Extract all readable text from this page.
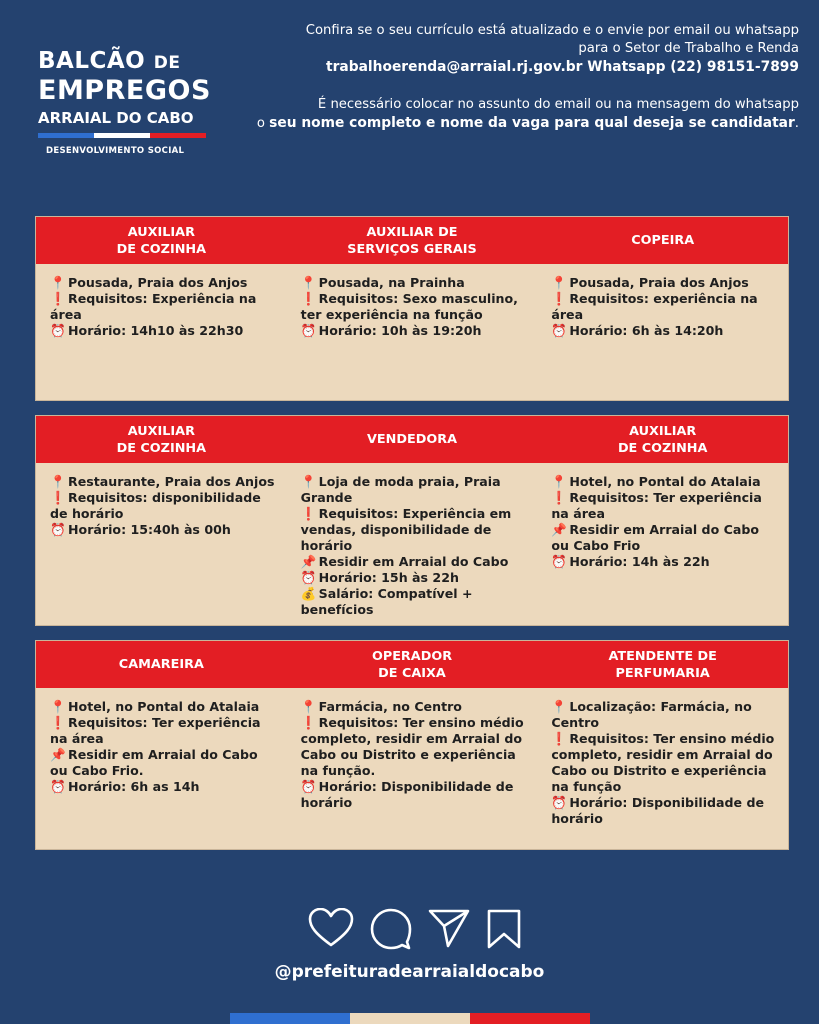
BALCÃO DE
EMPREGOS
ARRAIAL DO CABO
DESENVOLVIMENTO SOCIAL

Confira se o seu currículo está atualizado e o envie por email ou whatsapp

para o Setor de Trabalho e Renda

trabalhoerenda@arraial.rj.gov.br Whatsapp (22) 98151-7899

É necessário colocar no assunto do email ou na mensagem do whatsapp

o seu nome completo e nome da vaga para qual deseja se candidatar.

AUXILIAR
DE COZINHA
AUXILIAR DE
SERVIÇOS GERAIS
COPEIRA
📍 Pousada, Praia dos Anjos
❗ Requisitos: Experiência na área
⏰ Horário: 14h10 às 22h30
📍 Pousada, na Prainha
❗ Requisitos: Sexo masculino, ter experiência na função
⏰ Horário: 10h às 19:20h
📍 Pousada, Praia dos Anjos
❗ Requisitos: experiência na área
⏰ Horário: 6h às 14:20h
AUXILIAR
DE COZINHA
VENDEDORA
AUXILIAR
DE COZINHA
📍 Restaurante, Praia dos Anjos
❗ Requisitos: disponibilidade de horário
⏰ Horário: 15:40h às 00h
📍 Loja de moda praia, Praia Grande
❗ Requisitos: Experiência em vendas, disponibilidade de horário
📌 Residir em Arraial do Cabo
⏰ Horário: 15h às 22h
💰 Salário: Compatível + benefícios
📍 Hotel, no Pontal do Atalaia
❗ Requisitos: Ter experiência na área
📌 Residir em Arraial do Cabo ou Cabo Frio
⏰ Horário: 14h às 22h
CAMAREIRA
OPERADOR
DE CAIXA
ATENDENTE DE
PERFUMARIA
📍 Hotel, no Pontal do Atalaia
❗ Requisitos: Ter experiência na área
📌 Residir em Arraial do Cabo ou Cabo Frio.
⏰ Horário: 6h as 14h
📍 Farmácia, no Centro
❗ Requisitos: Ter ensino médio completo, residir em Arraial do Cabo ou Distrito e experiência na função.
⏰ Horário: Disponibilidade de horário
📍 Localização: Farmácia, no Centro
❗ Requisitos: Ter ensino médio completo, residir em Arraial do Cabo ou Distrito e experiência na função
⏰ Horário: Disponibilidade de horário
@prefeituradearraialdocabo
